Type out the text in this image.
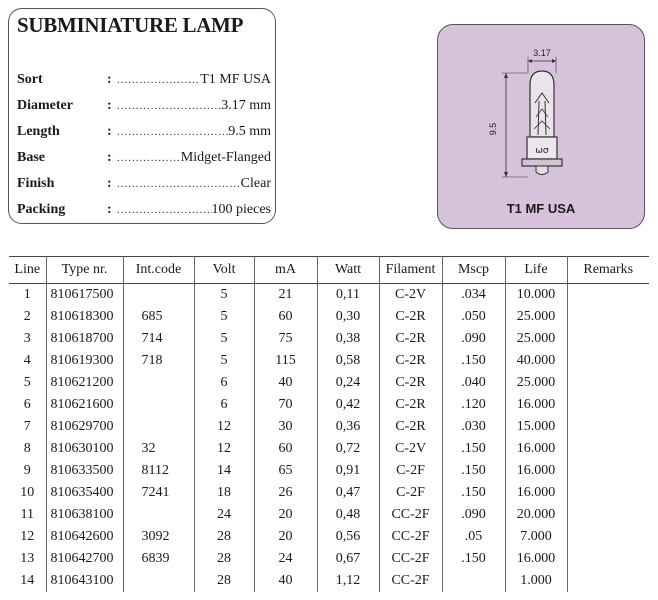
SUBMINIATURE LAMP
Sort	: .....	T1 MF USA
Diameter : .....	3.17 mm
Length	: .....	9.5 mm
Base	: .....	Midget-Flanged
Finish	: .....	Clear
Packing	: .....	100 pieces
3.17
9.5
ωσ
T1 MF USA
Line	Type nr.	Int.code	Volt	mA	Watt	Filament	Mscp	Life	Remarks
1	810617500		5	21	0,11	C-2V	.034	10.000	
2	810618300	685	5	60	0,30	C-2R	.050	25.000	
3	810618700	714	5	75	0,38	C-2R	.090	25.000	
4	810619300	718	5	115	0,58	C-2R	.150	40.000	
5	810621200		6	40	0,24	C-2R	.040	25.000	
6	810621600		6	70	0,42	C-2R	.120	16.000	
7	810629700		12	30	0,36	C-2R	.030	15.000	
8	810630100	32	12	60	0,72	C-2V	.150	16.000	
9	810633500	8112	14	65	0,91	C-2F	.150	16.000	
10	810635400	7241	18	26	0,47	C-2F	.150	16.000	
11	810638100		24	20	0,48	CC-2F	.090	20.000	
12	810642600	3092	28	20	0,56	CC-2F	.05	7.000	
13	810642700	6839	28	24	0,67	CC-2F	.150	16.000	
14	810643100		28	40	1,12	CC-2F		1.000	
